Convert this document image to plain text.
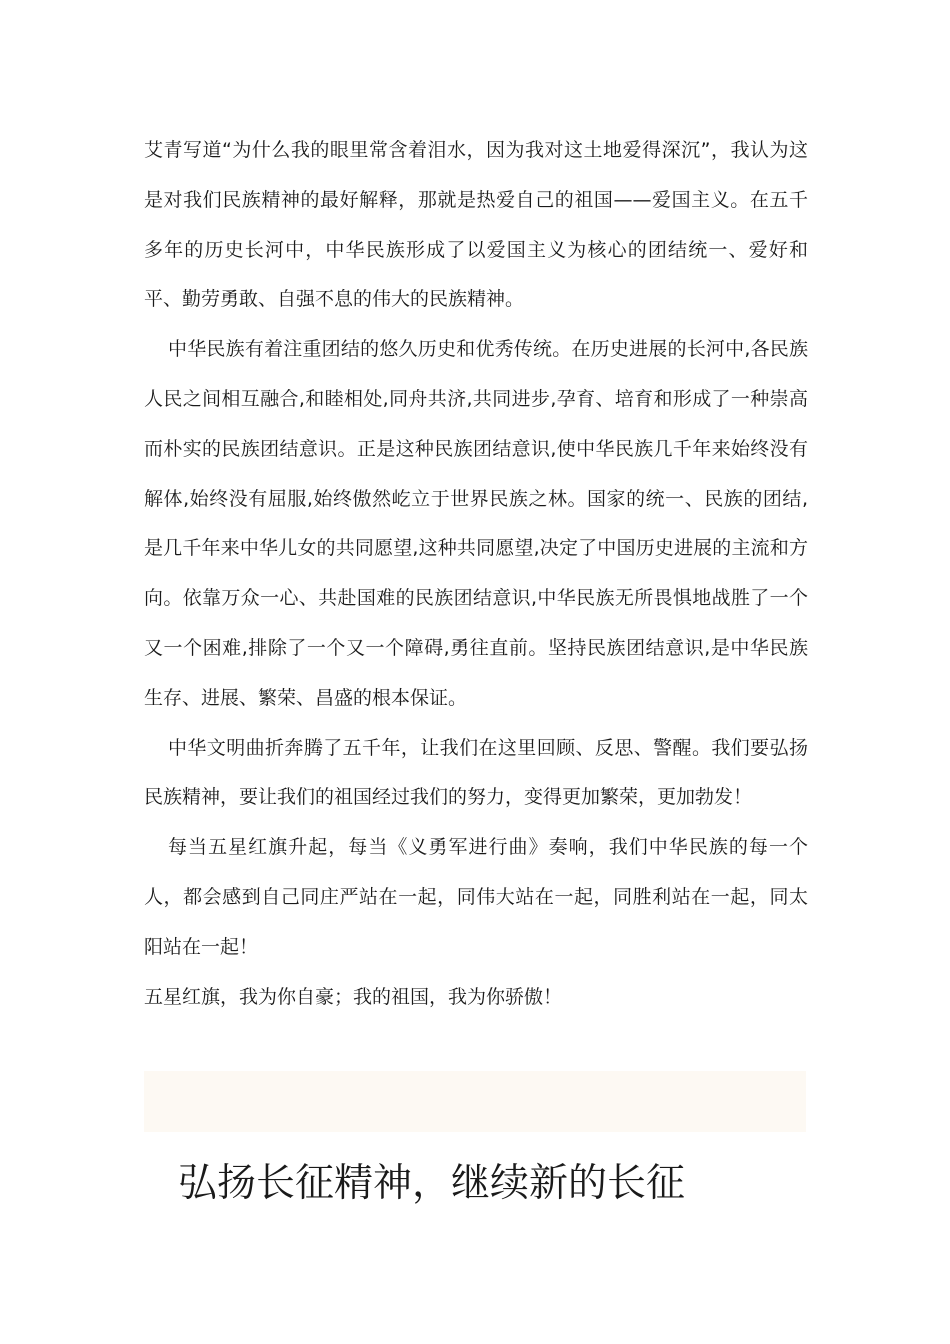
艾青写道“为什么我的眼里常含着泪水，因为我对这土地爱得深沉”，我认为这是对我们民族精神的最好解释，那就是热爱自己的祖国——爱国主义。在五千多年的历史长河中，中华民族形成了以爱国主义为核心的团结统一、爱好和平、勤劳勇敢、自强不息的伟大的民族精神。

中华民族有着注重团结的悠久历史和优秀传统。在历史进展的长河中,各民族人民之间相互融合,和睦相处,同舟共济,共同进步,孕育、培育和形成了一种崇高而朴实的民族团结意识。正是这种民族团结意识,使中华民族几千年来始终没有解体,始终没有屈服,始终傲然屹立于世界民族之林。国家的统一、民族的团结,是几千年来中华儿女的共同愿望,这种共同愿望,决定了中国历史进展的主流和方向。依靠万众一心、共赴国难的民族团结意识,中华民族无所畏惧地战胜了一个又一个困难,排除了一个又一个障碍,勇往直前。坚持民族团结意识,是中华民族生存、进展、繁荣、昌盛的根本保证。

中华文明曲折奔腾了五千年，让我们在这里回顾、反思、警醒。我们要弘扬民族精神，要让我们的祖国经过我们的努力，变得更加繁荣，更加勃发！

每当五星红旗升起，每当《义勇军进行曲》奏响，我们中华民族的每一个人，都会感到自己同庄严站在一起，同伟大站在一起，同胜利站在一起，同太阳站在一起！

五星红旗，我为你自豪；我的祖国，我为你骄傲！

弘扬长征精神，继续新的长征
